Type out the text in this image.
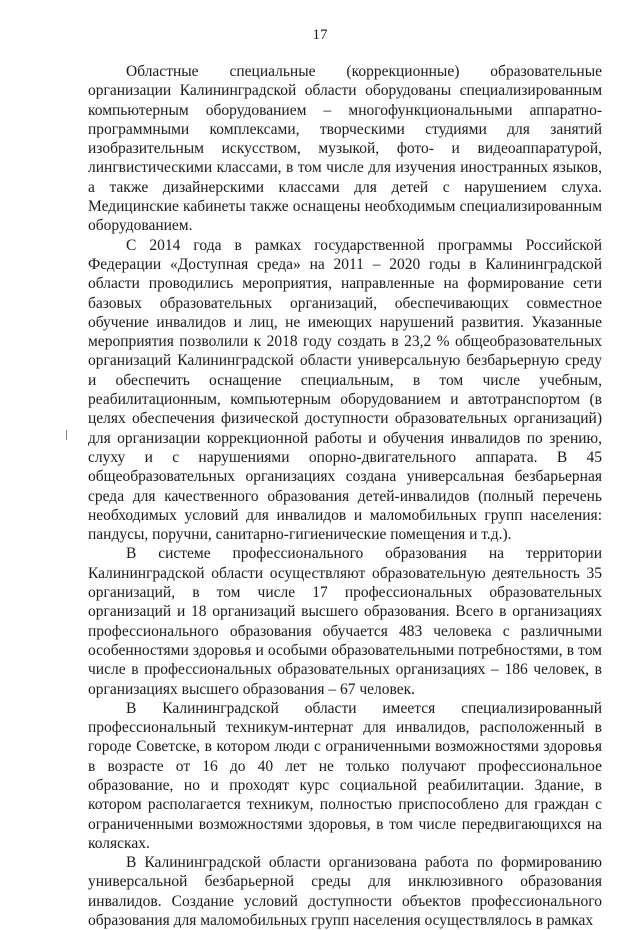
17

Областные специальные (коррекционные) образовательные организации Калининградской области оборудованы специализированным компьютерным оборудованием – многофункциональными аппаратно-программными комплексами, творческими студиями для занятий изобразительным искусством, музыкой, фото- и видеоаппаратурой, лингвистическими классами, в том числе для изучения иностранных языков, а также дизайнерскими классами для детей с нарушением слуха. Медицинские кабинеты также оснащены необходимым специализированным оборудованием.

С 2014 года в рамках государственной программы Российской Федерации «Доступная среда» на 2011 – 2020 годы в Калининградской области проводились мероприятия, направленные на формирование сети базовых образовательных организаций, обеспечивающих совместное обучение инвалидов и лиц, не имеющих нарушений развития. Указанные мероприятия позволили к 2018 году создать в 23,2 % общеобразовательных организаций Калининградской области универсальную безбарьерную среду и обеспечить оснащение специальным, в том числе учебным, реабилитационным, компьютерным оборудованием и автотранспортом (в целях обеспечения физической доступности образовательных организаций) для организации коррекционной работы и обучения инвалидов по зрению, слуху и с нарушениями опорно-двигательного аппарата. В 45 общеобразовательных организациях создана универсальная безбарьерная среда для качественного образования детей-инвалидов (полный перечень необходимых условий для инвалидов и маломобильных групп населения: пандусы, поручни, санитарно-гигиенические помещения и т.д.).

В системе профессионального образования на территории Калининградской области осуществляют образовательную деятельность 35 организаций, в том числе 17 профессиональных образовательных организаций и 18 организаций высшего образования. Всего в организациях профессионального образования обучается 483 человека с различными особенностями здоровья и особыми образовательными потребностями, в том числе в профессиональных образовательных организациях – 186 человек, в организациях высшего образования – 67 человек.

В Калининградской области имеется специализированный профессиональный техникум-интернат для инвалидов, расположенный в городе Советске, в котором люди с ограниченными возможностями здоровья в возрасте от 16 до 40 лет не только получают профессиональное образование, но и проходят курс социальной реабилитации. Здание, в котором располагается техникум, полностью приспособлено для граждан с ограниченными возможностями здоровья, в том числе передвигающихся на колясках.

В Калининградской области организована работа по формированию универсальной безбарьерной среды для инклюзивного образования инвалидов. Создание условий доступности объектов профессионального образования для маломобильных групп населения осуществлялось в рамках
